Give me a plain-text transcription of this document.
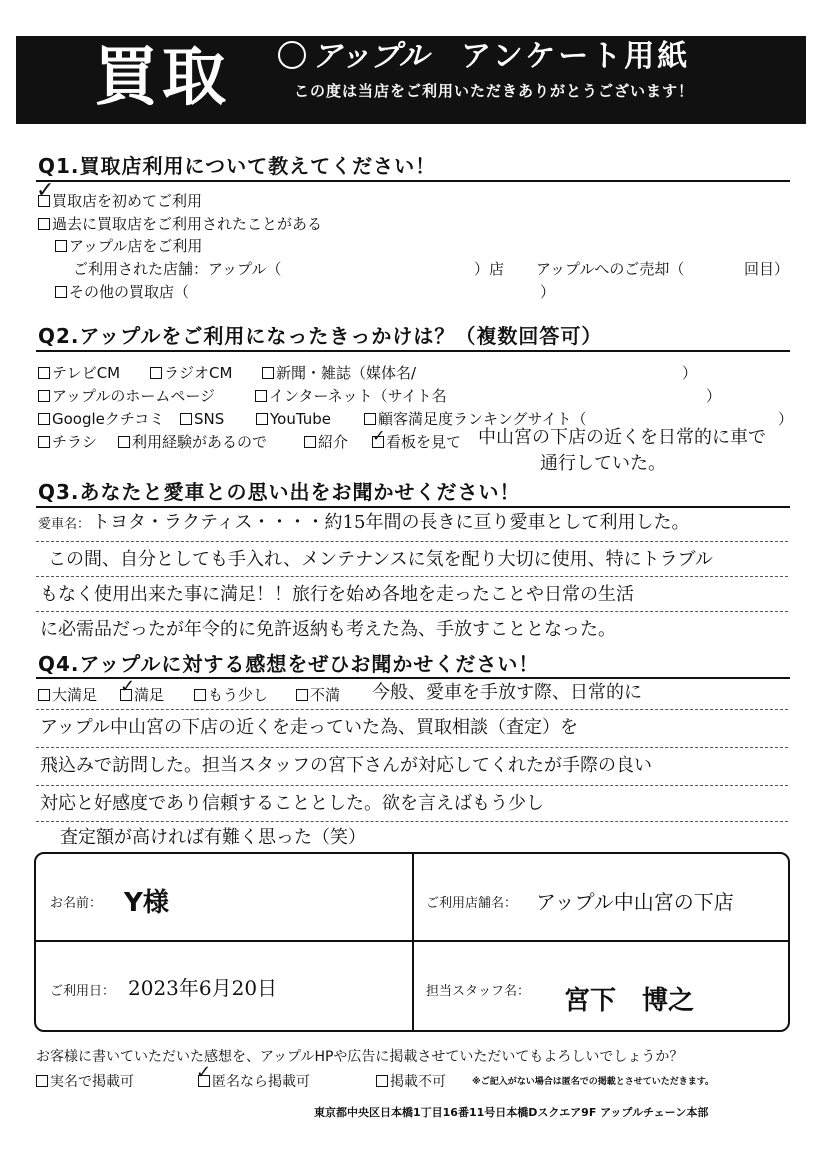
買取	アップル アンケート用紙
この度は当店をご利用いただきありがとうございます！
Q1.買取店利用について教えてください！
買取店を初めてご利用
✓
過去に買取店をご利用されたことがある
アップル店をご利用
ご利用された店舗：アップル（	）店 アップルへのご売却（	回目）
その他の買取店（	）
Q2.アップルをご利用になったきっかけは？（複数回答可）
テレビCM	ラジオCM	新聞・雑誌（媒体名/	）
アップルのホームページ	インターネット（サイト名	）
Googleクチコミ	SNS	YouTube	顧客満足度ランキングサイト（	）
チラシ	利用経験があるので	紹介	看板を見て
✓	中山宮の下店の近くを日常的に車で
通行していた。
Q3.あなたと愛車との思い出をお聞かせください！
愛車名： トヨタ・ラクティス・・・・約15年間の長きに亘り愛車として利用した。
この間、自分としても手入れ、メンテナンスに気を配り大切に使用、特にトラブル
もなく使用出来た事に満足！！旅行を始め各地を走ったことや日常の生活
に必需品だったが年令的に免許返納も考えた為、手放すこととなった。
Q4.アップルに対する感想をぜひお聞かせください！
大満足	満足
✓	もう少し	不満 今般、愛車を手放す際、日常的に
アップル中山宮の下店の近くを走っていた為、買取相談（査定）を
飛込みで訪問した。担当スタッフの宮下さんが対応してくれたが手際の良い
対応と好感度であり信頼することとした。欲を言えばもう少し
査定額が高ければ有難く思った（笑）
お名前： Y様	ご利用店舗名： アップル中山宮の下店
ご利用日： 2023年6月20日	担当スタッフ名： 宮下　博之
お客様に書いていただいた感想を、アップルHPや広告に掲載させていただいてもよろしいでしょうか？
実名で掲載可	匿名なら掲載可
✓	掲載不可	※ご記入がない場合は匿名での掲載とさせていただきます。
東京都中央区日本橋1丁目16番11号日本橋Dスクエア9F アップルチェーン本部
